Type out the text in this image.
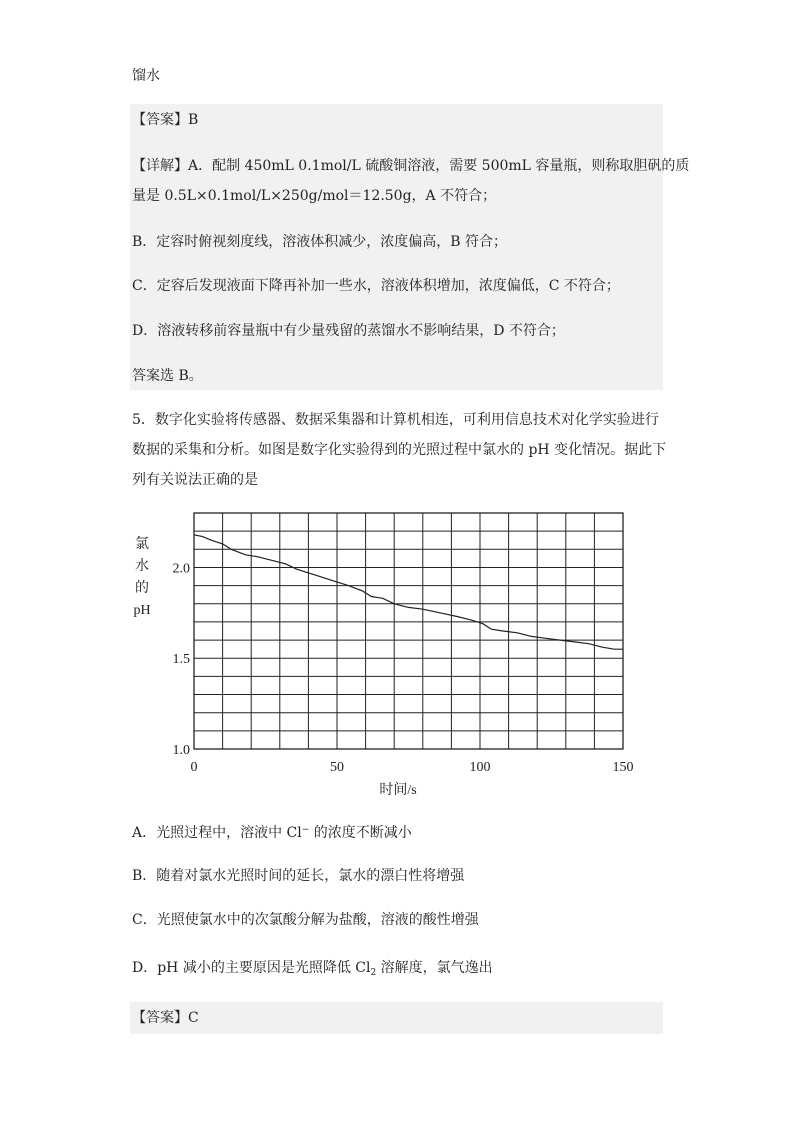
馏水
【答案】B
【详解】A．配制 450mL 0.1mol/L 硫酸铜溶液，需要 500mL 容量瓶，则称取胆矾的质
量是 0.5L×0.1mol/L×250g/mol＝12.50g，A 不符合；
B．定容时俯视刻度线，溶液体积减少，浓度偏高，B 符合；
C．定容后发现液面下降再补加一些水，溶液体积增加，浓度偏低，C 不符合；
D．溶液转移前容量瓶中有少量残留的蒸馏水不影响结果，D 不符合；
答案选 B。
5．数字化实验将传感器、数据采集器和计算机相连，可利用信息技术对化学实验进行
数据的采集和分析。如图是数字化实验得到的光照过程中氯水的 pH 变化情况。据此下
列有关说法正确的是
氯
水
的
pH
1.0
1.5
2.0
0	50	100	150
时间/s
A．光照过程中，溶液中 Cl− 的浓度不断减小
B．随着对氯水光照时间的延长，氯水的漂白性将增强
C．光照使氯水中的次氯酸分解为盐酸，溶液的酸性增强
D．pH 减小的主要原因是光照降低 $Cl_2$ 溶解度，氯气逸出
【答案】C
